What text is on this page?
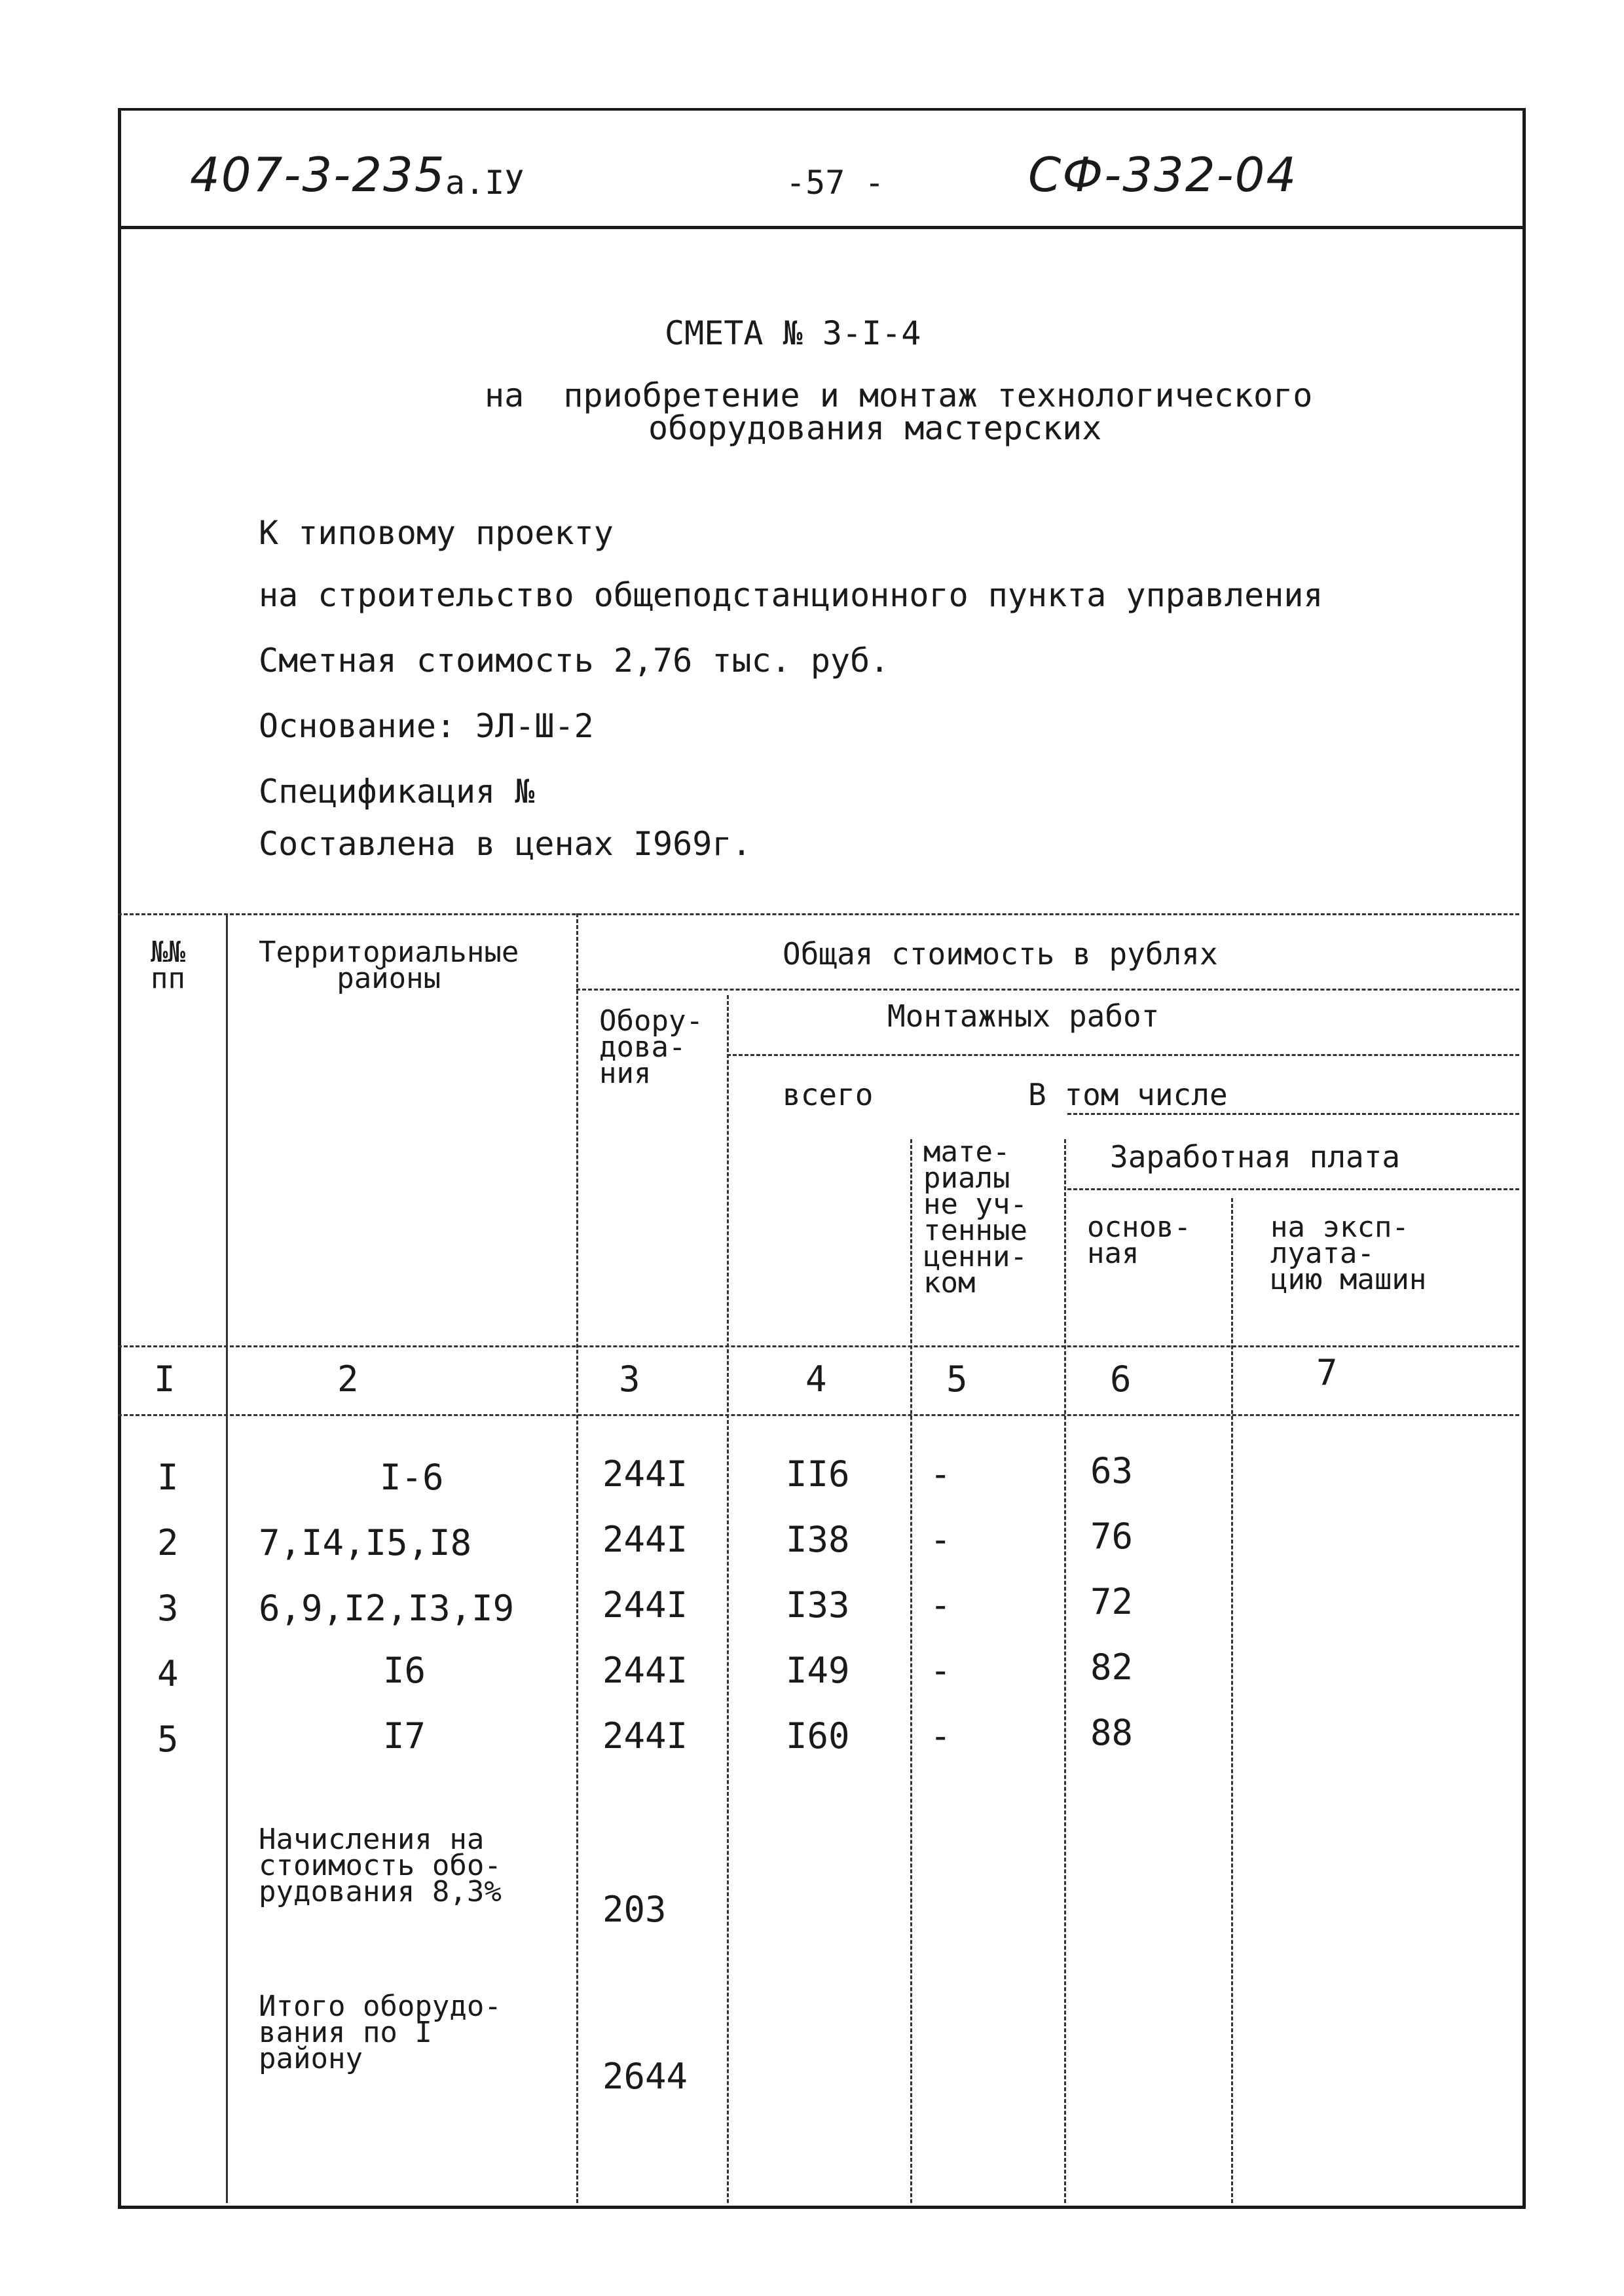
407-3-235 а.IУ	-57 -	СФ-332-04
СМЕТА № 3-I-4
на  приобретение и монтаж технологического
оборудования мастерских
К типовому проекту
на строительство общеподстанционного пункта управления
Сметная стоимость 2,76 тыс. руб.
Основание: ЭЛ-Ш-2
Спецификация №
Составлена в ценах I969г.
№№
пп
Территориальные
районы
Общая стоимость в рублях
Обору-
дова-
ния
Монтажных работ
всего	В том числе
мате-
риалы
не уч-
тенные
ценни-
ком
Заработная плата
основ-
ная
на эксп-
луата-
цию машин
I	2	3	4	5	6	7
I	I-6	244I	II6 -	63
2 7,I4,I5,I8	244I	I38 -	76
3 6,9,I2,I3,I9 244I	I33 -	72
4	I6	244I	I49 -	82
5	I7	244I	I60 -	88
Начисления на
стоимость обо-
рудования 8,3%	203
Итого оборудо-
вания по I
району	2644
